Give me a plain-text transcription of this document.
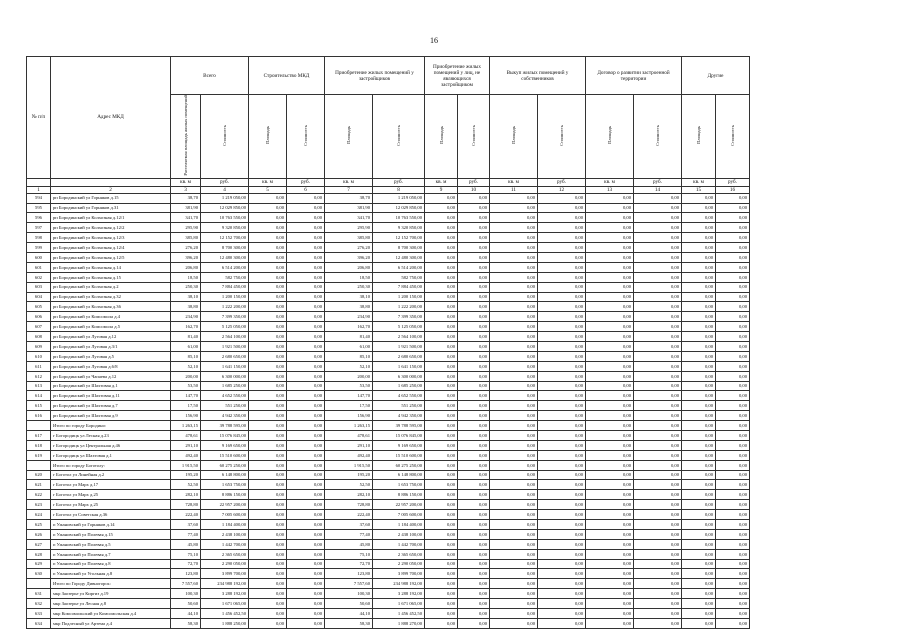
16
№ п/п	Адрес МКД	Всего		Строительство МКД		Приобретение жилых помещений у застройщиков		Приобретение жилых помещений у лиц, не являющихся застройщиком		Выкуп жилых помещений у собственников		Договор о развитии застроенной территории		Другие	
		Расселяемая площадь жилых помещений	Стоимость	Площадь	Стоимость	Площадь	Стоимость	Площадь	Стоимость	Площадь	Стоимость	Площадь	Стоимость	Площадь	Стоимость
		кв. м	руб.	кв. м	руб.	кв. м	руб.	кв. м	руб.	кв. м	руб.	кв. м	руб.	кв. м	руб.
1	2	3	4	5	6	7	8	9	10	11	12	13	14	15	16
594	рп Бородинский ул Горняков д.15	38,70	1 219 050,00	0,00	0,00	38,70	1 219 050,00	0,00	0,00	0,00	0,00	0,00	0,00	0,00	0,00
595	рп Бородинский ул Горняков д.31	381,90	12 029 850,00	0,00	0,00	381,90	12 029 850,00	0,00	0,00	0,00	0,00	0,00	0,00	0,00	0,00
596	рп Бородинский ул Колхозная д.12/1	341,70	10 763 550,00	0,00	0,00	341,70	10 763 550,00	0,00	0,00	0,00	0,00	0,00	0,00	0,00	0,00
597	рп Бородинский ул Колхозная д.12/2	295,90	9 320 850,00	0,00	0,00	295,90	9 320 850,00	0,00	0,00	0,00	0,00	0,00	0,00	0,00	0,00
598	рп Бородинский ул Колхозная д.12/3	385,80	12 152 700,00	0,00	0,00	385,80	12 152 700,00	0,00	0,00	0,00	0,00	0,00	0,00	0,00	0,00
599	рп Бородинский ул Колхозная д.12/4	276,20	8 700 300,00	0,00	0,00	276,20	8 700 300,00	0,00	0,00	0,00	0,00	0,00	0,00	0,00	0,00
600	рп Бородинский ул Колхозная д.12/5	396,20	12 480 300,00	0,00	0,00	396,20	12 480 300,00	0,00	0,00	0,00	0,00	0,00	0,00	0,00	0,00
601	рп Бородинский ул Колхозная д.14	206,80	6 514 200,00	0,00	0,00	206,80	6 514 200,00	0,00	0,00	0,00	0,00	0,00	0,00	0,00	0,00
602	рп Бородинский ул Колхозная д.15	18,50	582 750,00	0,00	0,00	18,50	582 750,00	0,00	0,00	0,00	0,00	0,00	0,00	0,00	0,00
603	рп Бородинский ул Колхозная д.2	250,30	7 884 450,00	0,00	0,00	250,30	7 884 450,00	0,00	0,00	0,00	0,00	0,00	0,00	0,00	0,00
604	рп Бородинский ул Колхозная д.32	38,10	1 200 150,00	0,00	0,00	38,10	1 200 150,00	0,00	0,00	0,00	0,00	0,00	0,00	0,00	0,00
605	рп Бородинский ул Колхозная д.36	38,80	1 222 200,00	0,00	0,00	38,80	1 222 200,00	0,00	0,00	0,00	0,00	0,00	0,00	0,00	0,00
606	рп Бородинский ул Комсомола д.4	234,90	7 399 350,00	0,00	0,00	234,90	7 399 350,00	0,00	0,00	0,00	0,00	0,00	0,00	0,00	0,00
607	рп Бородинский ул Комсомола д.5	162,70	5 125 050,00	0,00	0,00	162,70	5 125 050,00	0,00	0,00	0,00	0,00	0,00	0,00	0,00	0,00
608	рп Бородинский ул Луговая д.12	81,40	2 564 100,00	0,00	0,00	81,40	2 564 100,00	0,00	0,00	0,00	0,00	0,00	0,00	0,00	0,00
609	рп Бородинский ул Луговая д.3/1	61,00	1 921 500,00	0,00	0,00	61,00	1 921 500,00	0,00	0,00	0,00	0,00	0,00	0,00	0,00	0,00
610	рп Бородинский ул Луговая д.5	85,10	2 680 650,00	0,00	0,00	85,10	2 680 650,00	0,00	0,00	0,00	0,00	0,00	0,00	0,00	0,00
611	рп Бородинский ул Луговая д.6/8	52,10	1 641 150,00	0,00	0,00	52,10	1 641 150,00	0,00	0,00	0,00	0,00	0,00	0,00	0,00	0,00
612	рп Бородинский ул Чапаева д.12	200,00	6 300 000,00	0,00	0,00	200,00	6 300 000,00	0,00	0,00	0,00	0,00	0,00	0,00	0,00	0,00
613	рп Бородинский ул Шахтовая д.1	53,50	1 685 250,00	0,00	0,00	53,50	1 685 250,00	0,00	0,00	0,00	0,00	0,00	0,00	0,00	0,00
614	рп Бородинский ул Шахтовая д.11	147,70	4 652 550,00	0,00	0,00	147,70	4 652 550,00	0,00	0,00	0,00	0,00	0,00	0,00	0,00	0,00
615	рп Бородинский ул Шахтовая д.7	17,50	551 250,00	0,00	0,00	17,50	551 250,00	0,00	0,00	0,00	0,00	0,00	0,00	0,00	0,00
616	рп Бородинский ул Шахтовая д.9	156,90	4 942 350,00	0,00	0,00	156,90	4 942 350,00	0,00	0,00	0,00	0,00	0,00	0,00	0,00	0,00
	Итого по городу Бородино:	1 263,15	39 788 595,00	0,00	0,00	1 263,15	39 788 595,00	0,00	0,00	0,00	0,00	0,00	0,00	0,00	0,00
617	г Богородицк ул Лесная д.23	478,61	15 076 845,00	0,00	0,00	478,61	15 076 845,00	0,00	0,00	0,00	0,00	0,00	0,00	0,00	0,00
618	г Богородицк ул Центральная д.46	291,10	9 169 650,00	0,00	0,00	291,10	9 169 650,00	0,00	0,00	0,00	0,00	0,00	0,00	0,00	0,00
619	г Богородицк ул Шахтовая д.1	492,40	15 510 600,00	0,00	0,00	492,40	15 510 600,00	0,00	0,00	0,00	0,00	0,00	0,00	0,00	0,00
	Итого по городу Боготолу:	1 915,50	60 275 250,00	0,00	0,00	1 915,50	60 275 250,00	0,00	0,00	0,00	0,00	0,00	0,00	0,00	0,00
620	г Боготол ул Линейная д.2	195,20	6 148 800,00	0,00	0,00	195,20	6 148 800,00	0,00	0,00	0,00	0,00	0,00	0,00	0,00	0,00
621	г Боготол ул Марх д.17	52,50	1 653 750,00	0,00	0,00	52,50	1 653 750,00	0,00	0,00	0,00	0,00	0,00	0,00	0,00	0,00
622	г Боготол ул Марх д.25	282,10	8 886 150,00	0,00	0,00	282,10	8 886 150,00	0,00	0,00	0,00	0,00	0,00	0,00	0,00	0,00
623	г Боготол ул Марх д.25	728,80	22 957 200,00	0,00	0,00	728,80	22 957 200,00	0,00	0,00	0,00	0,00	0,00	0,00	0,00	0,00
624	г Боготол ул Советская д.36	222,40	7 005 600,00	0,00	0,00	222,40	7 005 600,00	0,00	0,00	0,00	0,00	0,00	0,00	0,00	0,00
625	п Ужановский ул Горняков д.14	37,60	1 184 400,00	0,00	0,00	37,60	1 184 400,00	0,00	0,00	0,00	0,00	0,00	0,00	0,00	0,00
626	п Ужановский ул Полевая д.15	77,40	2 438 100,00	0,00	0,00	77,40	2 438 100,00	0,00	0,00	0,00	0,00	0,00	0,00	0,00	0,00
627	п Ужановский ул Полевая д.5	45,80	1 442 700,00	0,00	0,00	45,80	1 442 700,00	0,00	0,00	0,00	0,00	0,00	0,00	0,00	0,00
628	п Ужановский ул Полевая д.7	75,10	2 365 650,00	0,00	0,00	75,10	2 365 650,00	0,00	0,00	0,00	0,00	0,00	0,00	0,00	0,00
629	п Ужановский ул Полевая д.8	72,70	2 290 050,00	0,00	0,00	72,70	2 290 050,00	0,00	0,00	0,00	0,00	0,00	0,00	0,00	0,00
630	п Ужановский ул Угольная д.8	123,80	3 899 700,00	0,00	0,00	123,80	3 899 700,00	0,00	0,00	0,00	0,00	0,00	0,00	0,00	0,00
	Итого по Городу Дивногорск:	7 557,60	234 988 192,00	0,00	0,00	7 557,60	234 988 192,00	0,00	0,00	0,00	0,00	0,00	0,00	0,00	0,00
631	мкр Заозерье ул Киргиз д.19	100,30	3 288 192,00	0,00	0,00	100,30	3 288 192,00	0,00	0,00	0,00	0,00	0,00	0,00	0,00	0,00
632	мкр Заозерье ул Лесная д.8	50,60	1 671 065,00	0,00	0,00	50,60	1 671 065,00	0,00	0,00	0,00	0,00	0,00	0,00	0,00	0,00
633	мкр Комсомольский ул Комсомольская д.4	44,10	1 456 452,50	0,00	0,00	44,10	1 456 452,50	0,00	0,00	0,00	0,00	0,00	0,00	0,00	0,00
634	мкр Подлесный ул Артема д.4	58,30	1 888 250,00	0,00	0,00	58,30	1 888 270,00	0,00	0,00	0,00	0,00	0,00	0,00	0,00	0,00
